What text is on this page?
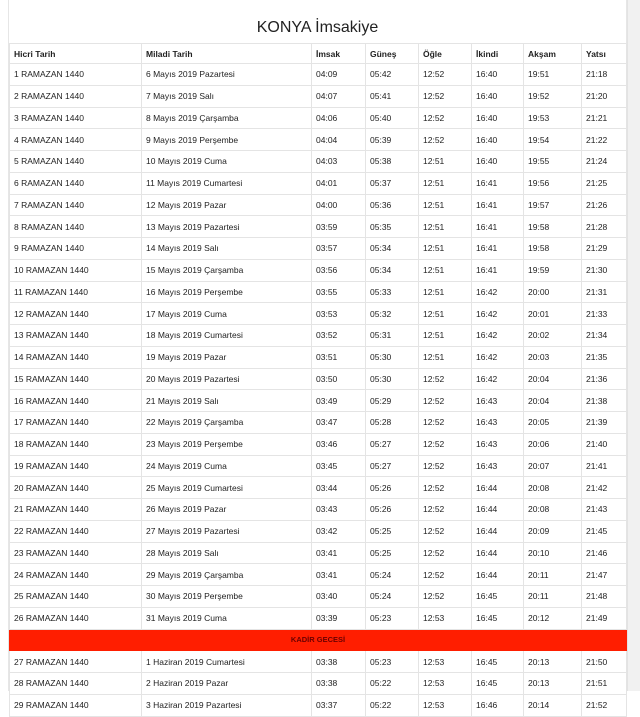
KONYA İmsakiye
Hicri Tarih	Miladi Tarih	İmsak	Güneş	Öğle	İkindi	Akşam	Yatsı
1 RAMAZAN 1440	6 Mayıs 2019 Pazartesi	04:09	05:42	12:52	16:40	19:51	21:18
2 RAMAZAN 1440	7 Mayıs 2019 Salı	04:07	05:41	12:52	16:40	19:52	21:20
3 RAMAZAN 1440	8 Mayıs 2019 Çarşamba	04:06	05:40	12:52	16:40	19:53	21:21
4 RAMAZAN 1440	9 Mayıs 2019 Perşembe	04:04	05:39	12:52	16:40	19:54	21:22
5 RAMAZAN 1440	10 Mayıs 2019 Cuma	04:03	05:38	12:51	16:40	19:55	21:24
6 RAMAZAN 1440	11 Mayıs 2019 Cumartesi	04:01	05:37	12:51	16:41	19:56	21:25
7 RAMAZAN 1440	12 Mayıs 2019 Pazar	04:00	05:36	12:51	16:41	19:57	21:26
8 RAMAZAN 1440	13 Mayıs 2019 Pazartesi	03:59	05:35	12:51	16:41	19:58	21:28
9 RAMAZAN 1440	14 Mayıs 2019 Salı	03:57	05:34	12:51	16:41	19:58	21:29
10 RAMAZAN 1440	15 Mayıs 2019 Çarşamba	03:56	05:34	12:51	16:41	19:59	21:30
11 RAMAZAN 1440	16 Mayıs 2019 Perşembe	03:55	05:33	12:51	16:42	20:00	21:31
12 RAMAZAN 1440	17 Mayıs 2019 Cuma	03:53	05:32	12:51	16:42	20:01	21:33
13 RAMAZAN 1440	18 Mayıs 2019 Cumartesi	03:52	05:31	12:51	16:42	20:02	21:34
14 RAMAZAN 1440	19 Mayıs 2019 Pazar	03:51	05:30	12:51	16:42	20:03	21:35
15 RAMAZAN 1440	20 Mayıs 2019 Pazartesi	03:50	05:30	12:52	16:42	20:04	21:36
16 RAMAZAN 1440	21 Mayıs 2019 Salı	03:49	05:29	12:52	16:43	20:04	21:38
17 RAMAZAN 1440	22 Mayıs 2019 Çarşamba	03:47	05:28	12:52	16:43	20:05	21:39
18 RAMAZAN 1440	23 Mayıs 2019 Perşembe	03:46	05:27	12:52	16:43	20:06	21:40
19 RAMAZAN 1440	24 Mayıs 2019 Cuma	03:45	05:27	12:52	16:43	20:07	21:41
20 RAMAZAN 1440	25 Mayıs 2019 Cumartesi	03:44	05:26	12:52	16:44	20:08	21:42
21 RAMAZAN 1440	26 Mayıs 2019 Pazar	03:43	05:26	12:52	16:44	20:08	21:43
22 RAMAZAN 1440	27 Mayıs 2019 Pazartesi	03:42	05:25	12:52	16:44	20:09	21:45
23 RAMAZAN 1440	28 Mayıs 2019 Salı	03:41	05:25	12:52	16:44	20:10	21:46
24 RAMAZAN 1440	29 Mayıs 2019 Çarşamba	03:41	05:24	12:52	16:44	20:11	21:47
25 RAMAZAN 1440	30 Mayıs 2019 Perşembe	03:40	05:24	12:52	16:45	20:11	21:48
26 RAMAZAN 1440	31 Mayıs 2019 Cuma	03:39	05:23	12:53	16:45	20:12	21:49
KADİR GECESİ							
27 RAMAZAN 1440	1 Haziran 2019 Cumartesi	03:38	05:23	12:53	16:45	20:13	21:50
28 RAMAZAN 1440	2 Haziran 2019 Pazar	03:38	05:22	12:53	16:45	20:13	21:51
29 RAMAZAN 1440	3 Haziran 2019 Pazartesi	03:37	05:22	12:53	16:46	20:14	21:52
